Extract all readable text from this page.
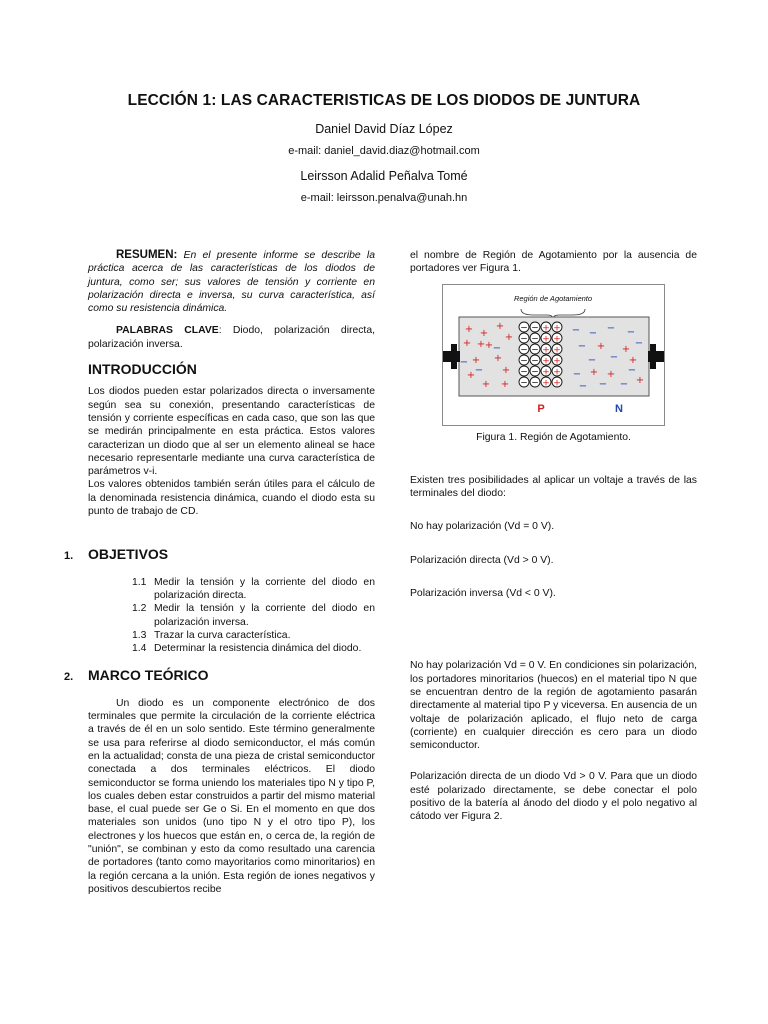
LECCIÓN 1: LAS CARACTERISTICAS DE LOS DIODOS DE JUNTURA
Daniel David Díaz López
e-mail: daniel_david.diaz@hotmail.com
Leirsson Adalid Peñalva Tomé
e-mail: leirsson.penalva@unah.hn

RESUMEN: En el presente informe se describe la práctica acerca de las características de los diodos de juntura, como ser; sus valores de tensión y corriente en polarización directa e inversa, su curva característica, así como su resistencia dinámica.

PALABRAS CLAVE: Diodo, polarización directa, polarización inversa.

INTRODUCCIÓN

Los diodos pueden estar polarizados directa o inversamente según sea su conexión, presentando características de tensión y corriente específicas en cada caso, que son las que se medirán principalmente en esta práctica. Estos valores caracterizan un diodo que al ser un elemento alineal se hace necesario representarle mediante una curva característica de parámetros v-i.

Los valores obtenidos también serán útiles para el cálculo de la denominada resistencia dinámica, cuando el diodo esta su punto de trabajo de CD.

1. OBJETIVOS
1.1 Medir la tensión y la corriente del diodo en polarización directa.
1.2 Medir la tensión y la corriente del diodo en polarización inversa.
1.3 Trazar la curva característica.
1.4 Determinar la resistencia dinámica del diodo.
2. MARCO TEÓRICO

Un diodo es un componente electrónico de dos terminales que permite la circulación de la corriente eléctrica a través de él en un solo sentido. Este término generalmente se usa para referirse al diodo semiconductor, el más común en la actualidad; consta de una pieza de cristal semiconductor conectada a dos terminales eléctricos. El diodo semiconductor se forma uniendo los materiales tipo N y tipo P, los cuales deben estar construidos a partir del mismo material base, el cual puede ser Ge o Si. En el momento en que dos materiales son unidos (uno tipo N y el otro tipo P), los electrones y los huecos que están en, o cerca de, la región de "unión", se combinan y esto da como resultado una carencia de portadores (tanto como mayoritarios como minoritarios) en la región cercana a la unión. Esta región de iones negativos y positivos descubiertos recibe

el nombre de Región de Agotamiento por la ausencia de portadores ver Figura 1.

Región de Agotamiento
− − + +
− − + +
− − + +
− − + +
− − + +
− − + +
+ +
+
+
+ +
+ +
+
+
+ +
+ −
−
−
− − − −
−	−
− −
−	−
− −
−
+ +
+
+
+
+
P	N
Figura 1. Región de Agotamiento.

Existen tres posibilidades al aplicar un voltaje a través de las terminales del diodo:

No hay polarización (Vd = 0 V).

Polarización directa (Vd > 0 V).

Polarización inversa (Vd < 0 V).

No hay polarización Vd = 0 V. En condiciones sin polarización, los portadores minoritarios (huecos) en el material tipo N que se encuentran dentro de la región de agotamiento pasarán directamente al material tipo P y viceversa. En ausencia de un voltaje de polarización aplicado, el flujo neto de carga (corriente) en cualquier dirección es cero para un diodo semiconductor.

Polarización directa de un diodo Vd > 0 V. Para que un diodo esté polarizado directamente, se debe conectar el polo positivo de la batería al ánodo del diodo y el polo negativo al cátodo ver Figura 2.
